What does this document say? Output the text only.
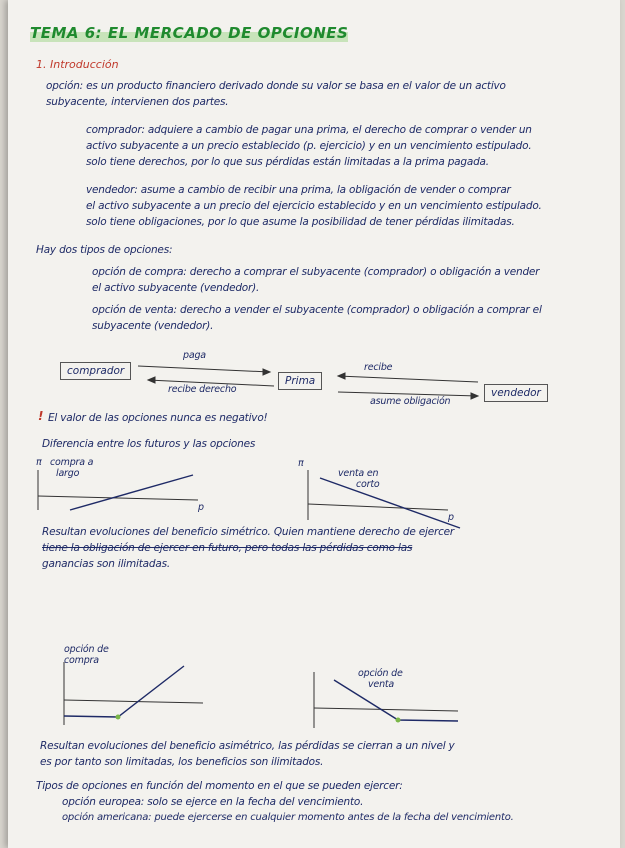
TEMA 6: EL MERCADO DE OPCIONES
1. Introducción
opción: es un producto financiero derivado donde su valor se basa en el valor de un activo
subyacente, intervienen dos partes.
comprador: adquiere a cambio de pagar una prima, el derecho de comprar o vender un
activo subyacente a un precio establecido (p. ejercicio) y en un vencimiento estipulado.
solo tiene derechos, por lo que sus pérdidas están limitadas a la prima pagada.
vendedor: asume a cambio de recibir una prima, la obligación de vender o comprar
el activo subyacente a un precio del ejercicio establecido y en un vencimiento estipulado.
solo tiene obligaciones, por lo que asume la posibilidad de tener pérdidas ilimitadas.
Hay dos tipos de opciones:
opción de compra: derecho a comprar el subyacente (comprador) o obligación a vender
el activo subyacente (vendedor).
opción de venta: derecho a vender el subyacente (comprador) o obligación a comprar el
subyacente (vendedor).
comprador
paga
recibe derecho
Prima
recibe
asume obligación
vendedor
! El valor de las opciones nunca es negativo!
Diferencia entre los futuros y las opciones
π compra a
largo
p
π
venta en
corto
p
Resultan evoluciones del beneficio simétrico. Quien mantiene derecho de ejercer
tiene la obligación de ejercer en futuro, pero todas las pérdidas como las
ganancias son ilimitadas.
opción de
compra
opción de
venta
Resultan evoluciones del beneficio asimétrico, las pérdidas se cierran a un nivel y
es por tanto son limitadas, los beneficios son ilimitados.
Tipos de opciones en función del momento en el que se pueden ejercer:
opción europea: solo se ejerce en la fecha del vencimiento.
opción americana: puede ejercerse en cualquier momento antes de la fecha del vencimiento.
